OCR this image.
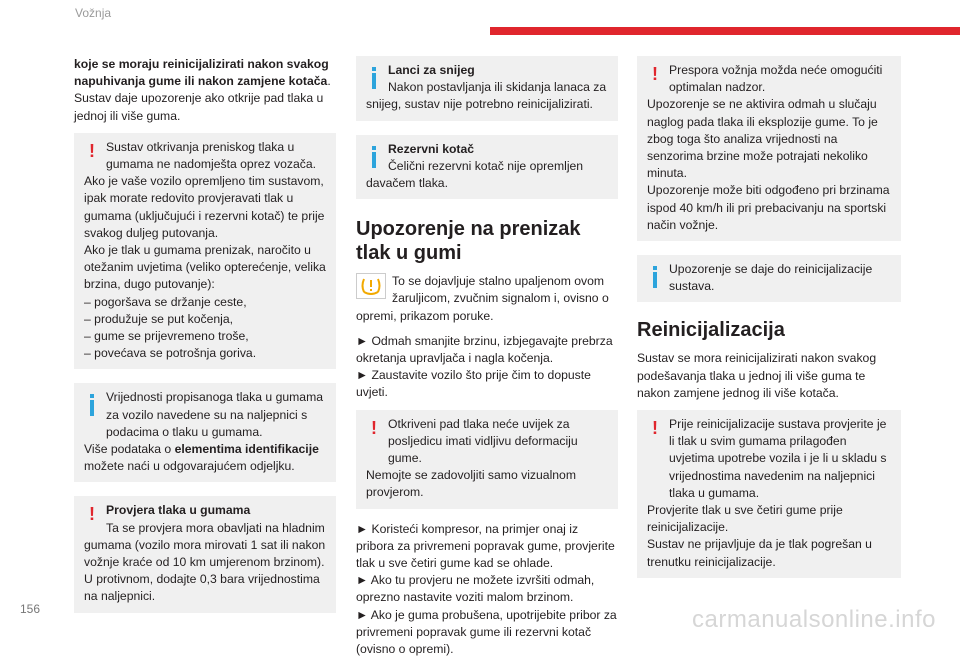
Vožnja

koje se moraju reinicijalizirati nakon svakog napuhivanja gume ili nakon zamjene kotača. Sustav daje upozorenje ako otkrije pad tlaka u jednoj ili više guma.

! Sustav otkrivanja preniskog tlaka u gumama ne nadomješta oprez vozača.
Ako je vaše vozilo opremljeno tim sustavom, ipak morate redovito provjeravati tlak u gumama (uključujući i rezervni kotač) te prije svakog duljeg putovanja.
Ako je tlak u gumama prenizak, naročito u otežanim uvjetima (veliko opterećenje, velika brzina, dugo putovanje):
– pogoršava se držanje ceste,
– produžuje se put kočenja,
– gume se prijevremeno troše,
– povećava se potrošnja goriva.
Vrijednosti propisanoga tlaka u gumama za vozilo navedene su na naljepnici s podacima o tlaku u gumama.
Više podataka o elementima identifikacije možete naći u odgovarajućem odjeljku.
! Provjera tlaka u gumama
Ta se provjera mora obavljati na hladnim gumama (vozilo mora mirovati 1 sat ili nakon vožnje kraće od 10 km umjerenom brzinom).
U protivnom, dodajte 0,3 bara vrijednostima na naljepnici.
Lanci za snijeg
Nakon postavljanja ili skidanja lanaca za snijeg, sustav nije potrebno reinicijalizirati.
Rezervni kotač
Čelični rezervni kotač nije opremljen davačem tlaka.
Upozorenje na prenizak tlak u gumi

To se dojavljuje stalno upaljenom ovom žaruljicom, zvučnim signalom i, ovisno o opremi, prikazom poruke.

► Odmah smanjite brzinu, izbjegavajte prebrza okretanja upravljača i nagla kočenja.
► Zaustavite vozilo što prije čim to dopuste uvjeti.

! Otkriveni pad tlaka neće uvijek za posljedicu imati vidljivu deformaciju gume.
Nemojte se zadovoljiti samo vizualnom provjerom.

► Koristeći kompresor, na primjer onaj iz pribora za privremeni popravak gume, provjerite tlak u sve četiri gume kad se ohlade.
► Ako tu provjeru ne možete izvršiti odmah, oprezno nastavite voziti malom brzinom.
► Ako je guma probušena, upotrijebite pribor za privremeni popravak gume ili rezervni kotač (ovisno o opremi).

! Prespora vožnja možda neće omogućiti optimalan nadzor.
Upozorenje se ne aktivira odmah u slučaju naglog pada tlaka ili eksplozije gume. To je zbog toga što analiza vrijednosti na senzorima brzine može potrajati nekoliko minuta.
Upozorenje može biti odgođeno pri brzinama ispod 40 km/h ili pri prebacivanju na sportski način vožnje.
Upozorenje se daje do reinicijalizacije sustava.
Reinicijalizacija

Sustav se mora reinicijalizirati nakon svakog podešavanja tlaka u jednoj ili više guma te nakon zamjene jednog ili više kotača.

! Prije reinicijalizacije sustava provjerite je li tlak u svim gumama prilagođen uvjetima upotrebe vozila i je li u skladu s vrijednostima navedenim na naljepnici tlaka u gumama.
Provjerite tlak u sve četiri gume prije reinicijalizacije.
Sustav ne prijavljuje da je tlak pogrešan u trenutku reinicijalizacije.
156	carmanualsonline.info
